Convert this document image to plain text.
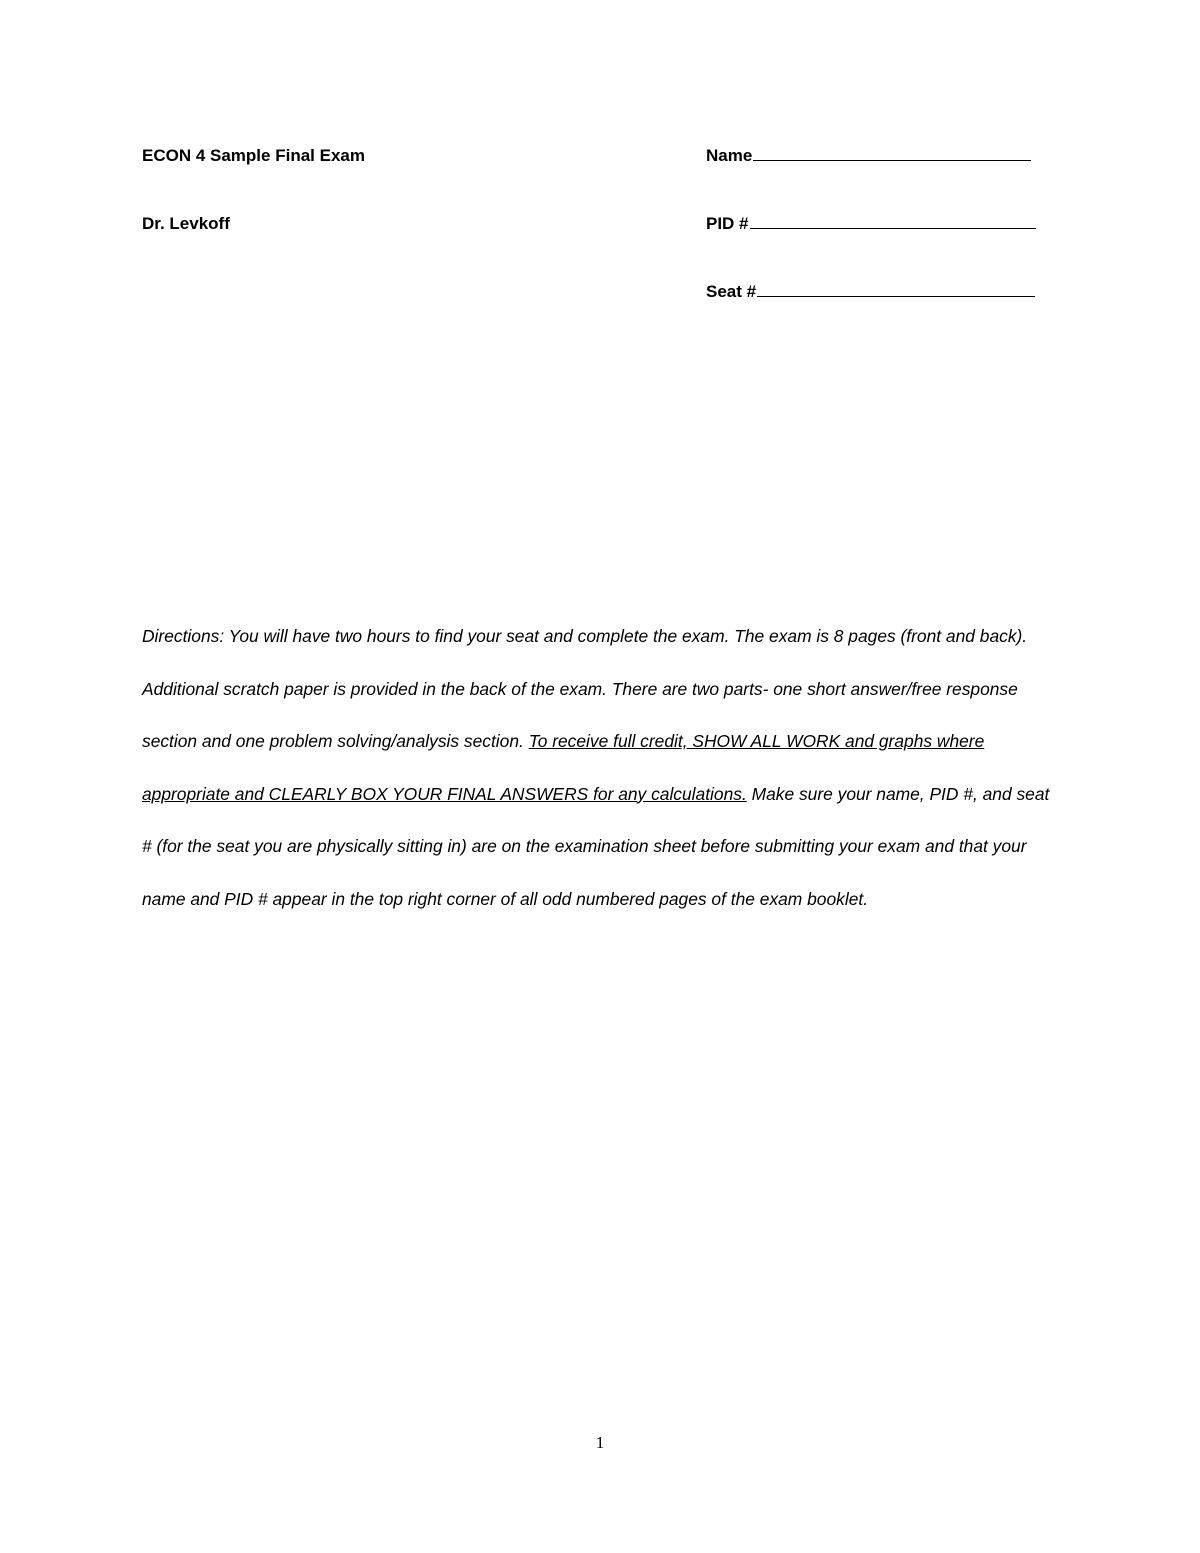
ECON 4 Sample Final Exam
Dr. Levkoff
Name
PID #
Seat #
Directions: You will have two hours to find your seat and complete the exam. The exam is 8 pages (front and back). Additional scratch paper is provided in the back of the exam. There are two parts- one short answer/free response section and one problem solving/analysis section. To receive full credit, SHOW ALL WORK and graphs where appropriate and CLEARLY BOX YOUR FINAL ANSWERS for any calculations. Make sure your name, PID #, and seat # (for the seat you are physically sitting in) are on the examination sheet before submitting your exam and that your name and PID # appear in the top right corner of all odd numbered pages of the exam booklet.
1
